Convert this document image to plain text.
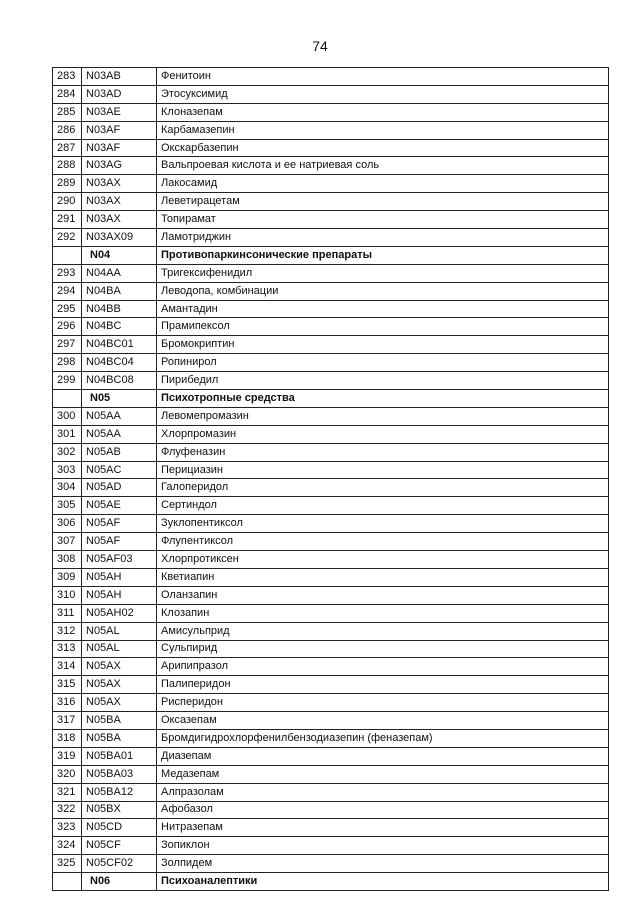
74
283	N03AB	Фенитоин
284	N03AD	Этосуксимид
285	N03AE	Клоназепам
286	N03AF	Карбамазепин
287	N03AF	Окскарбазепин
288	N03AG	Вальпроевая кислота и ее натриевая соль
289	N03AX	Лакосамид
290	N03AX	Леветирацетам
291	N03AX	Топирамат
292	N03AX09	Ламотриджин
	N04	Противопаркинсонические препараты
293	N04AA	Тригексифенидил
294	N04BA	Леводопа, комбинации
295	N04BB	Амантадин
296	N04BC	Прамипексол
297	N04BC01	Бромокриптин
298	N04BC04	Ропинирол
299	N04BC08	Пирибедил
	N05	Психотропные средства
300	N05AA	Левомепромазин
301	N05AA	Хлорпромазин
302	N05AB	Флуфеназин
303	N05AC	Перициазин
304	N05AD	Галоперидол
305	N05AE	Сертиндол
306	N05AF	Зуклопентиксол
307	N05AF	Флупентиксол
308	N05AF03	Хлорпротиксен
309	N05AH	Кветиапин
310	N05AH	Оланзапин
311	N05AH02	Клозапин
312	N05AL	Амисульприд
313	N05AL	Сульпирид
314	N05AX	Арипипразол
315	N05AX	Палиперидон
316	N05AX	Рисперидон
317	N05BA	Оксазепам
318	N05BA	Бромдигидрохлорфенилбензодиазепин (феназепам)
319	N05BA01	Диазепам
320	N05BA03	Медазепам
321	N05BA12	Алпразолам
322	N05BX	Афобазол
323	N05CD	Нитразепам
324	N05CF	Зопиклон
325	N05CF02	Золпидем
	N06	Психоаналептики
